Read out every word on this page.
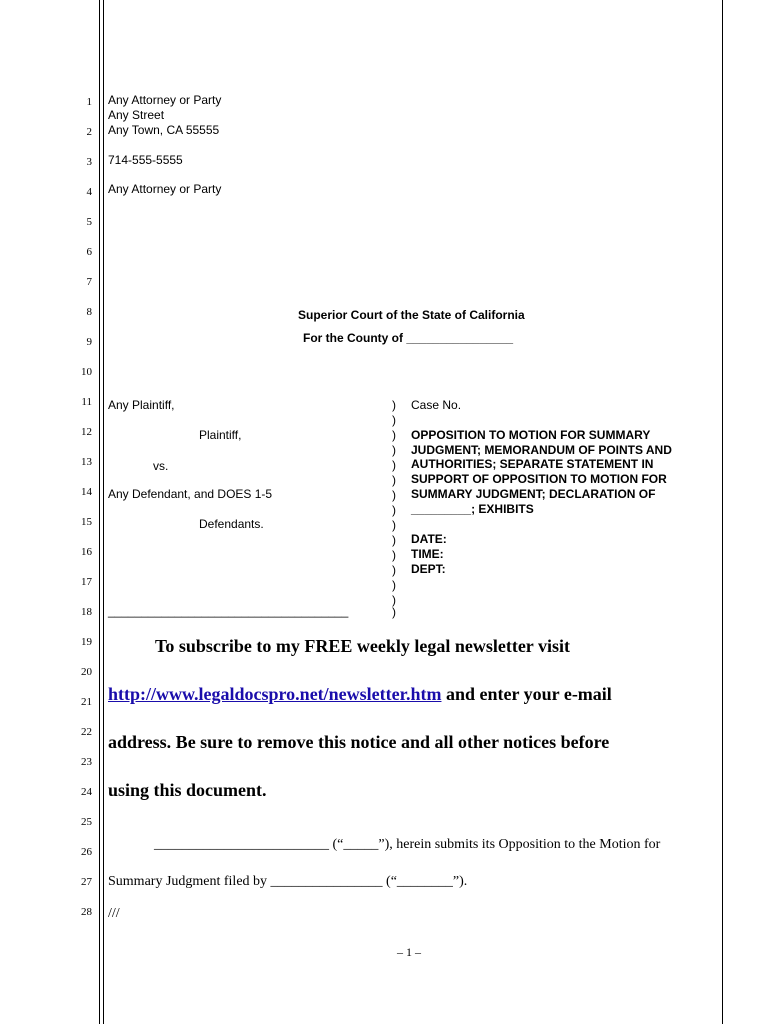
1
2
3
4
5
6
7
8
9
10
11
12
13
14
15
16
17
18
19
20
21
22
23
24
25
26
27
28
Any Attorney or Party
Any Street
Any Town, CA 55555
714-555-5555
Any Attorney or Party
Superior Court of the State of California
For the County of ________________
Any Plaintiff,
Plaintiff,
vs.
Any Defendant, and DOES 1-5
Defendants.
____________________________________
)
)
)
)
)
)
)
)
)
)
)
)
)
)
)
Case No.
OPPOSITION TO MOTION FOR SUMMARY
JUDGMENT; MEMORANDUM OF POINTS AND
AUTHORITIES; SEPARATE STATEMENT IN
SUPPORT OF OPPOSITION TO MOTION FOR
SUMMARY JUDGMENT; DECLARATION OF
_________; EXHIBITS
DATE:
TIME:
DEPT:
To subscribe to my FREE weekly legal newsletter visit
http://www.legaldocspro.net/newsletter.htm and enter your e-mail
address. Be sure to remove this notice and all other notices before
using this document.
_________________________ (“_____”), herein submits its Opposition to the Motion for
Summary Judgment filed by ________________ (“________”).
///
– 1 –
